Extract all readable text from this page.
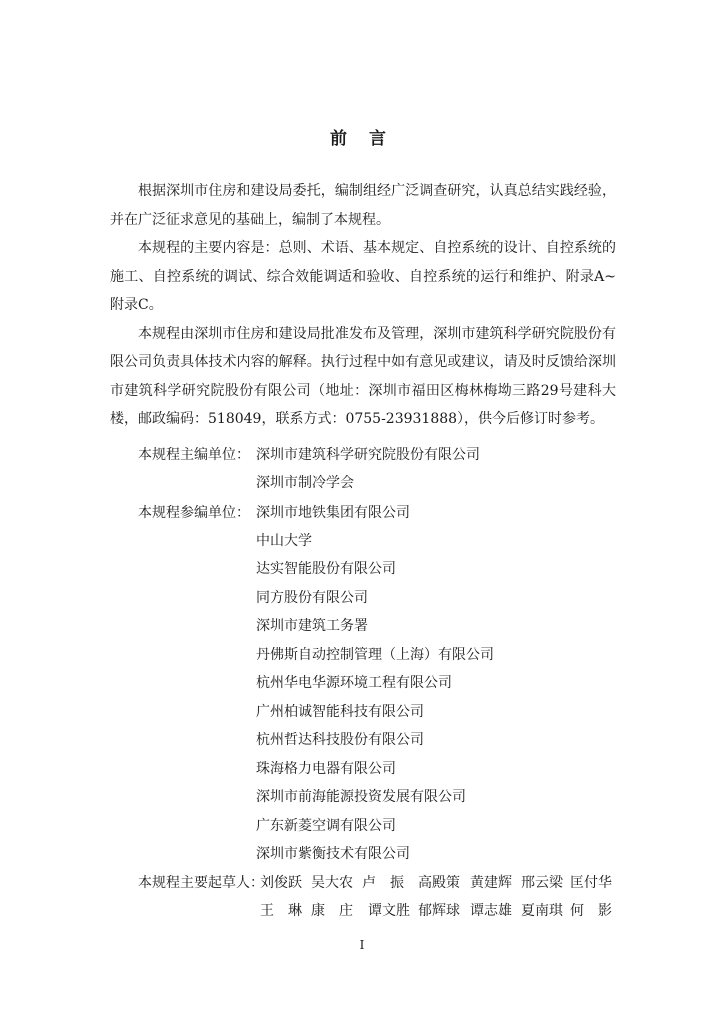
前 言

根据深圳市住房和建设局委托，编制组经广泛调查研究，认真总结实践经验，并在广泛征求意见的基础上，编制了本规程。

本规程的主要内容是：总则、术语、基本规定、自控系统的设计、自控系统的施工、自控系统的调试、综合效能调适和验收、自控系统的运行和维护、附录A~附录C。

本规程由深圳市住房和建设局批准发布及管理，深圳市建筑科学研究院股份有限公司负责具体技术内容的解释。执行过程中如有意见或建议，请及时反馈给深圳市建筑科学研究院股份有限公司（地址：深圳市福田区梅林梅坳三路29号建科大楼，邮政编码：518049，联系方式：0755-23931888），供今后修订时参考。

本规程主编单位： 深圳市建筑科学研究院股份有限公司
深圳市制冷学会
本规程参编单位： 深圳市地铁集团有限公司
中山大学
达实智能股份有限公司
同方股份有限公司
深圳市建筑工务署
丹佛斯自动控制管理（上海）有限公司
杭州华电华源环境工程有限公司
广州柏诚智能科技有限公司
杭州哲达科技股份有限公司
珠海格力电器有限公司
深圳市前海能源投资发展有限公司
广东新菱空调有限公司
深圳市紫衡技术有限公司
本规程主要起草人：
刘俊跃 吴大农 卢　振 高殿策 黄建辉 邢云梁 匡付华
王　琳 康　庄 谭文胜 郁辉球 谭志雄 夏南琪 何　影
I
